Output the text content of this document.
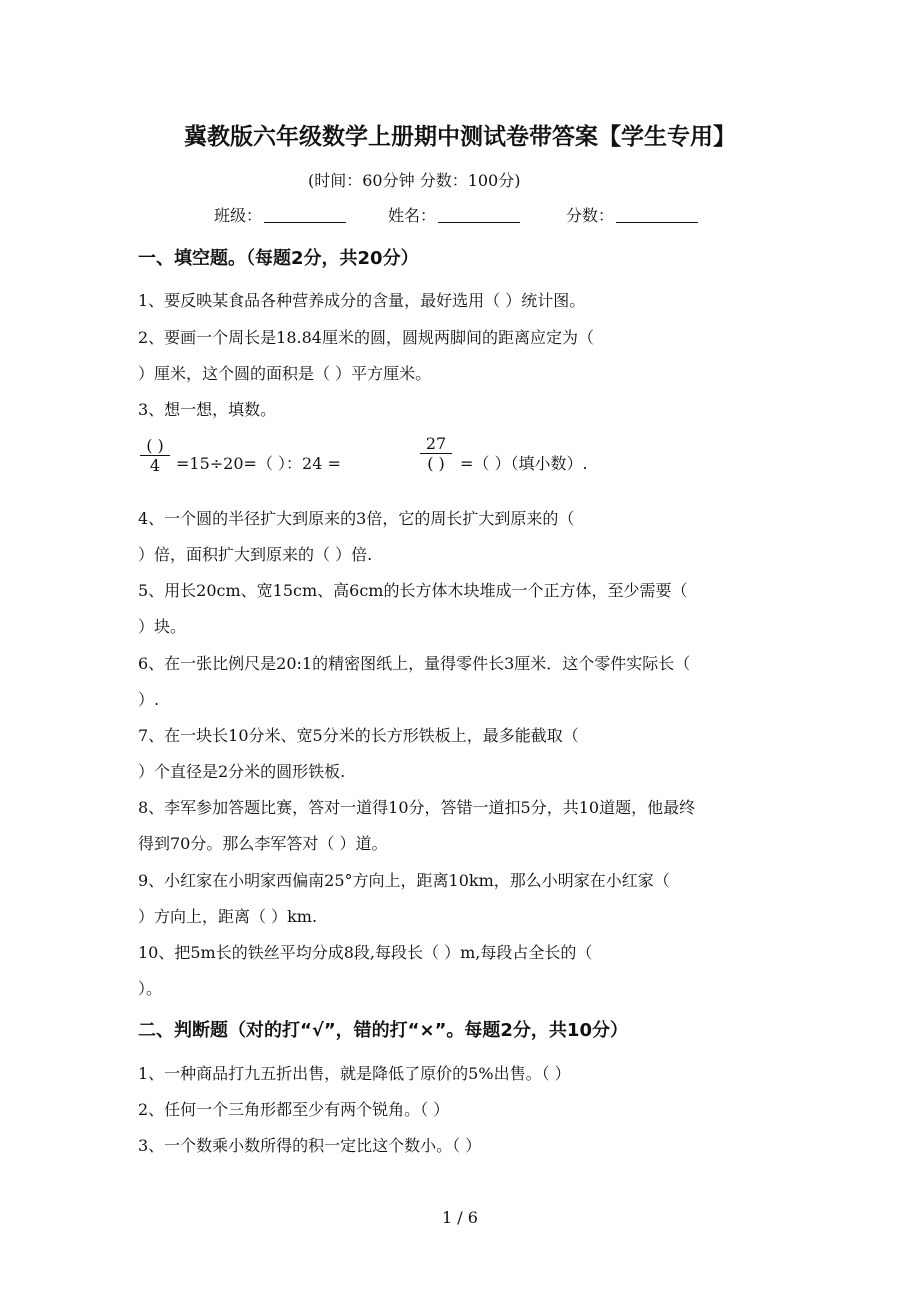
冀教版六年级数学上册期中测试卷带答案【学生专用】
(时间：60分钟 分数：100分)
班级：	姓名：	分数：
一、填空题。（每题2分，共20分）
1、要反映某食品各种营养成分的含量，最好选用（ ）统计图。
2、要画一个周长是18.84厘米的圆，圆规两脚间的距离应定为（
）厘米，这个圆的面积是（ ）平方厘米。
3、想一想，填数。
( )
4 =15÷20=（ ）：24 =
27
( ) =（ ）（填小数）.
4、一个圆的半径扩大到原来的3倍，它的周长扩大到原来的（
）倍，面积扩大到原来的（ ）倍.
5、用长20cm、宽15cm、高6cm的长方体木块堆成一个正方体，至少需要（
）块。
6、在一张比例尺是20:1的精密图纸上，量得零件长3厘米．这个零件实际长（
）.
7、在一块长10分米、宽5分米的长方形铁板上，最多能截取（
）个直径是2分米的圆形铁板.
8、李军参加答题比赛，答对一道得10分，答错一道扣5分，共10道题，他最终
得到70分。那么李军答对（ ）道。
9、小红家在小明家西偏南25°方向上，距离10km，那么小明家在小红家（
）方向上，距离（ ）km.
10、把5m长的铁丝平均分成8段,每段长（ ）m,每段占全长的（
）。
二、判断题（对的打“√”，错的打“×”。每题2分，共10分）
1、一种商品打九五折出售，就是降低了原价的5%出售。（ ）
2、任何一个三角形都至少有两个锐角。（ ）
3、一个数乘小数所得的积一定比这个数小。（ ）
1 / 6
